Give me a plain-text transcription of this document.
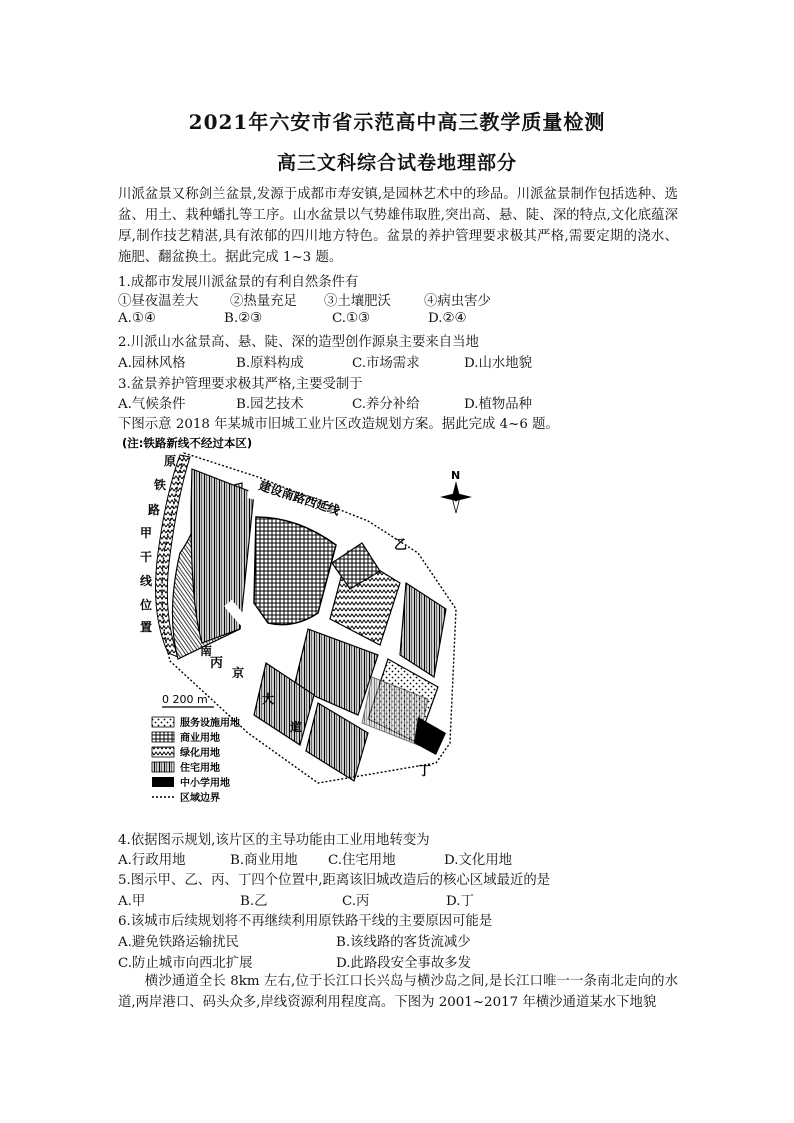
2021年六安市省示范高中高三教学质量检测
高三文科综合试卷地理部分
川派盆景又称剑兰盆景,发源于成都市寿安镇,是园林艺术中的珍品。川派盆景制作包括选种、选盆、用土、栽种蟠扎等工序。山水盆景以气势雄伟取胜,突出高、悬、陡、深的特点,文化底蕴深厚,制作技艺精湛,具有浓郁的四川地方特色。盆景的养护管理要求极其严格,需要定期的浇水、施肥、翻盆换土。据此完成 1~3 题。
1.成都市发展川派盆景的有利自然条件有
①昼夜温差大 ②热量充足 ③土壤肥沃 ④病虫害少
A.①④	B.②③	C.①③	D.②④
2.川派山水盆景高、悬、陡、深的造型创作源泉主要来自当地
A.园林风格	B.原料构成	C.市场需求	D.山水地貌
3.盆景养护管理要求极其严格,主要受制于
A.气候条件	B.园艺技术	C.养分补给	D.植物品种
下图示意 2018 年某城市旧城工业片区改造规划方案。据此完成 4~6 题。
(注:铁路新线不经过本区)
原
铁
路
甲
干
线
位
置
建设南路西延线
南
京
大
道
乙
丙
丁
N
0 200 m
服务设施用地
商业用地
绿化用地
住宅用地
中小学用地
区域边界
4.依据图示规划,该片区的主导功能由工业用地转变为
A.行政用地	B.商业用地 C.住宅用地	D.文化用地
5.图示甲、乙、丙、丁四个位置中,距离该旧城改造后的核心区域最近的是
A.甲	B.乙	C.丙	D.丁
6.该城市后续规划将不再继续利用原铁路干线的主要原因可能是
A.避免铁路运输扰民	B.该线路的客货流减少
C.防止城市向西北扩展	D.此路段安全事故多发
横沙通道全长 8km 左右,位于长江口长兴岛与横沙岛之间,是长江口唯一一条南北走向的水道,两岸港口、码头众多,岸线资源利用程度高。下图为 2001~2017 年横沙通道某水下地貌
